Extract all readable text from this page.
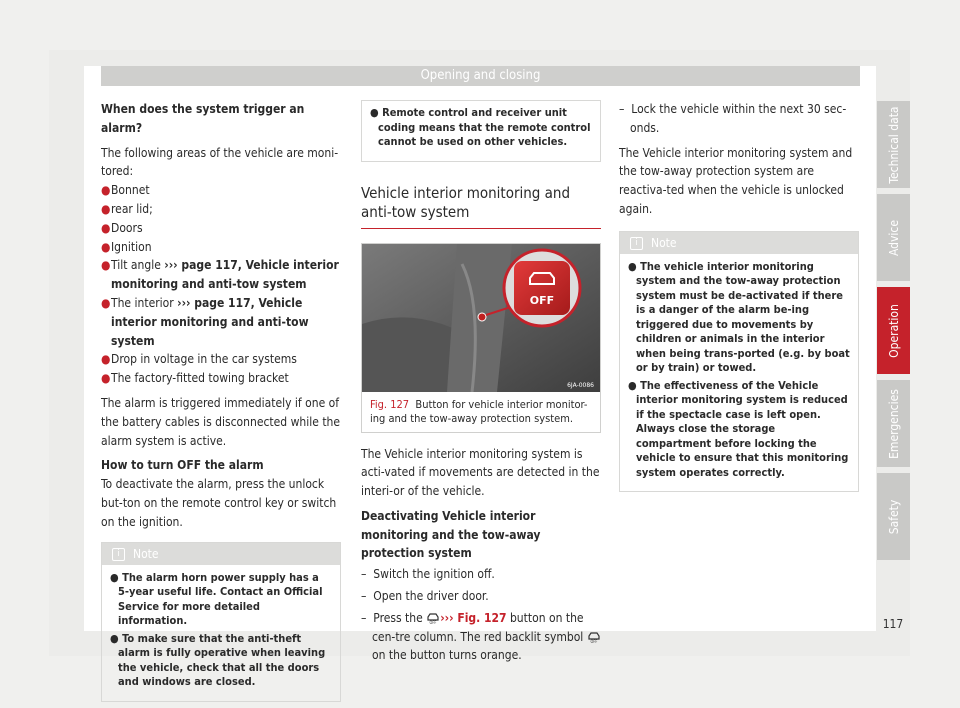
Opening and closing

When does the system trigger an alarm?

The following areas of the vehicle are moni-tored:

●Bonnet
●rear lid;
●Doors
●Ignition
●Tilt angle ››› page 117, Vehicle interior monitoring and anti-tow system
●The interior ››› page 117, Vehicle interior monitoring and anti-tow system
●Drop in voltage in the car systems
●The factory-fitted towing bracket

The alarm is triggered immediately if one of the battery cables is disconnected while the alarm system is active.

How to turn OFF the alarm

To deactivate the alarm, press the unlock but-ton on the remote control key or switch on the ignition.

i Note
● The alarm horn power supply has a 5-year useful life. Contact an Official Service for more detailed information.
● To make sure that the anti-theft alarm is fully operative when leaving the vehicle, check that all the doors and windows are closed.
● Remote control and receiver unit coding means that the remote control cannot be used on other vehicles.
Vehicle interior monitoring and anti-tow system
OFF
6JA-0086
Fig. 127 Button for vehicle interior monitor-ing and the tow-away protection system.

The Vehicle interior monitoring system is acti-vated if movements are detected in the interi-or of the vehicle.

Deactivating Vehicle interior monitoring and the tow-away protection system

–  Switch the ignition off.
–  Open the driver door.
–  Press the OFF ››› Fig. 127 button on the cen-tre column. The red backlit symbol OFF
on the button turns orange.
–  Lock the vehicle within the next 30 sec-onds.

The Vehicle interior monitoring system and the tow-away protection system are reactiva-ted when the vehicle is unlocked again.

i Note
● The vehicle interior monitoring system and the tow-away protection system must be de-activated if there is a danger of the alarm be-ing triggered due to movements by children or animals in the interior when being trans-ported (e.g. by boat or by train) or towed.
● The effectiveness of the Vehicle interior monitoring system is reduced if the spectacle case is left open. Always close the storage compartment before locking the vehicle to ensure that this monitoring system operates correctly.
Technical data
Advice
Operation
Emergencies
Safety
117
